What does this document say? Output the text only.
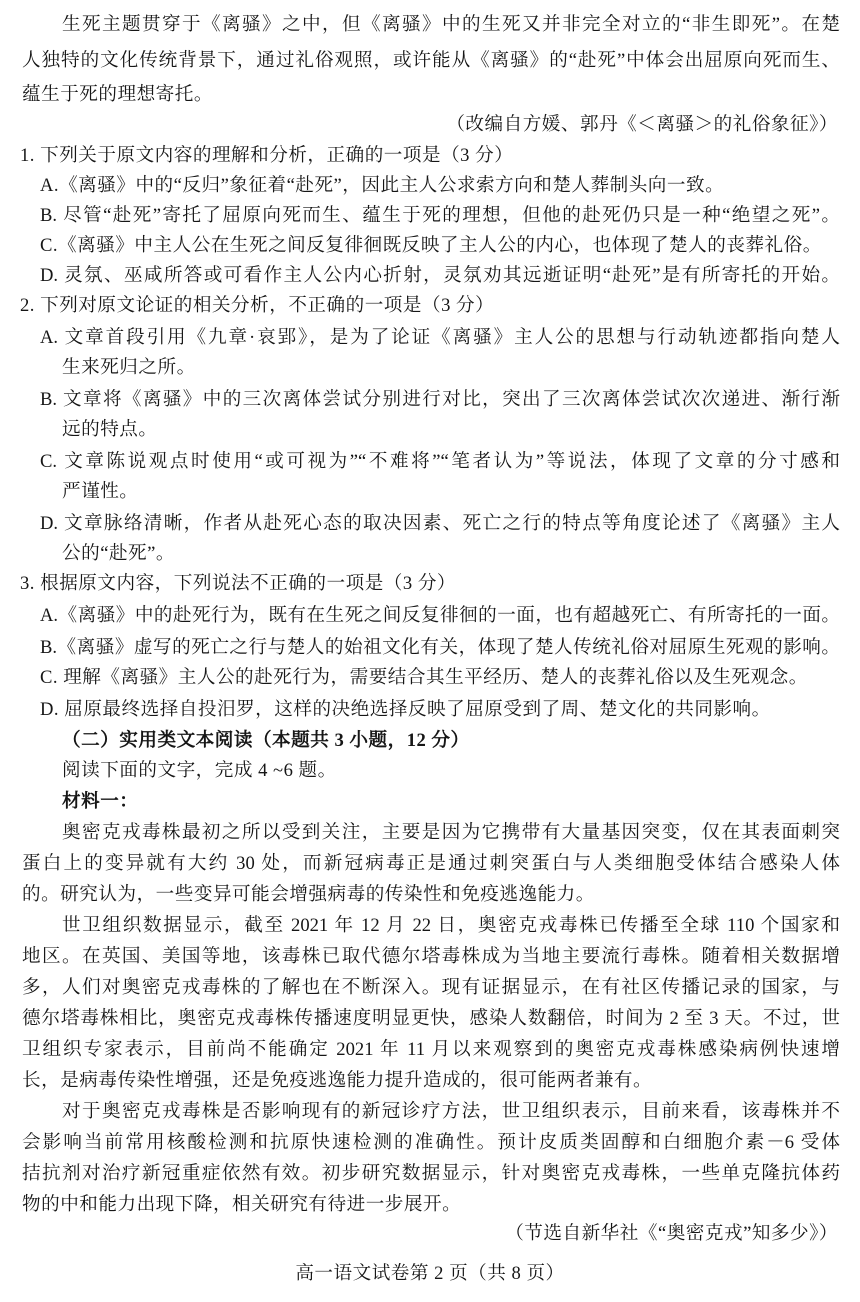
生死主题贯穿于《离骚》之中，但《离骚》中的生死又并非完全对立的“非生即死”。在楚
人独特的文化传统背景下，通过礼俗观照，或许能从《离骚》的“赴死”中体会出屈原向死而生、
蕴生于死的理想寄托。
（改编自方媛、郭丹《＜离骚＞的礼俗象征》）
1. 下列关于原文内容的理解和分析，正确的一项是（3 分）
A.《离骚》中的“反归”象征着“赴死”，因此主人公求索方向和楚人葬制头向一致。
B. 尽管“赴死”寄托了屈原向死而生、蕴生于死的理想，但他的赴死仍只是一种“绝望之死”。
C.《离骚》中主人公在生死之间反复徘徊既反映了主人公的内心，也体现了楚人的丧葬礼俗。
D. 灵氛、巫咸所答或可看作主人公内心折射，灵氛劝其远逝证明“赴死”是有所寄托的开始。
2. 下列对原文论证的相关分析，不正确的一项是（3 分）
A. 文章首段引用《九章·哀郢》，是为了论证《离骚》主人公的思想与行动轨迹都指向楚人
生来死归之所。
B. 文章将《离骚》中的三次离体尝试分别进行对比，突出了三次离体尝试次次递进、渐行渐
远的特点。
C. 文章陈说观点时使用“或可视为”“不难将”“笔者认为”等说法，体现了文章的分寸感和
严谨性。
D. 文章脉络清晰，作者从赴死心态的取决因素、死亡之行的特点等角度论述了《离骚》主人
公的“赴死”。
3. 根据原文内容，下列说法不正确的一项是（3 分）
A.《离骚》中的赴死行为，既有在生死之间反复徘徊的一面，也有超越死亡、有所寄托的一面。
B.《离骚》虚写的死亡之行与楚人的始祖文化有关，体现了楚人传统礼俗对屈原生死观的影响。
C. 理解《离骚》主人公的赴死行为，需要结合其生平经历、楚人的丧葬礼俗以及生死观念。
D. 屈原最终选择自投汨罗，这样的决绝选择反映了屈原受到了周、楚文化的共同影响。
（二）实用类文本阅读（本题共 3 小题，12 分）
阅读下面的文字，完成 4 ~6 题。
材料一：
奥密克戎毒株最初之所以受到关注，主要是因为它携带有大量基因突变，仅在其表面刺突
蛋白上的变异就有大约 30 处，而新冠病毒正是通过刺突蛋白与人类细胞受体结合感染人体
的。研究认为，一些变异可能会增强病毒的传染性和免疫逃逸能力。
世卫组织数据显示，截至 2021 年 12 月 22 日，奥密克戎毒株已传播至全球 110 个国家和
地区。在英国、美国等地，该毒株已取代德尔塔毒株成为当地主要流行毒株。随着相关数据增
多，人们对奥密克戎毒株的了解也在不断深入。现有证据显示，在有社区传播记录的国家，与
德尔塔毒株相比，奥密克戎毒株传播速度明显更快，感染人数翻倍，时间为 2 至 3 天。不过，世
卫组织专家表示，目前尚不能确定 2021 年 11 月以来观察到的奥密克戎毒株感染病例快速增
长，是病毒传染性增强，还是免疫逃逸能力提升造成的，很可能两者兼有。
对于奥密克戎毒株是否影响现有的新冠诊疗方法，世卫组织表示，目前来看，该毒株并不
会影响当前常用核酸检测和抗原快速检测的准确性。预计皮质类固醇和白细胞介素－6 受体
拮抗剂对治疗新冠重症依然有效。初步研究数据显示，针对奥密克戎毒株，一些单克隆抗体药
物的中和能力出现下降，相关研究有待进一步展开。
（节选自新华社《“奥密克戎”知多少》）
高一语文试卷第 2 页（共 8 页）
